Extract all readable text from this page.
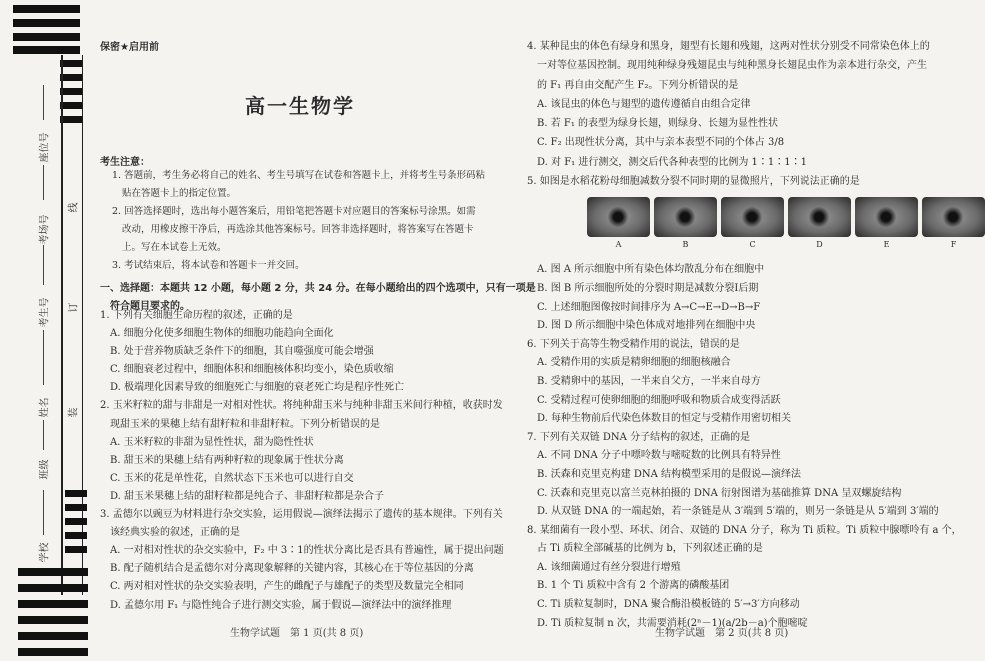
座位号
考场号
考生号
姓名
班级
学校
线
订
装
保密★启用前
高一生物学
考生注意：
1. 答题前，考生务必将自己的姓名、考生号填写在试卷和答题卡上，并将考生号条形码粘
贴在答题卡上的指定位置。
2. 回答选择题时，选出每小题答案后，用铅笔把答题卡对应题目的答案标号涂黑。如需
改动，用橡皮擦干净后，再选涂其他答案标号。回答非选择题时，将答案写在答题卡
上。写在本试卷上无效。
3. 考试结束后，将本试卷和答题卡一并交回。
一、选择题：本题共 12 小题，每小题 2 分，共 24 分。在每小题给出的四个选项中，只有一项是
符合题目要求的。
1. 下列有关细胞生命历程的叙述，正确的是
A. 细胞分化使多细胞生物体的细胞功能趋向全面化
B. 处于营养物质缺乏条件下的细胞，其自噬强度可能会增强
C. 细胞衰老过程中，细胞体积和细胞核体积均变小，染色质收缩
D. 极端理化因素导致的细胞死亡与细胞的衰老死亡均是程序性死亡
2. 玉米籽粒的甜与非甜是一对相对性状。将纯种甜玉米与纯种非甜玉米间行种植，收获时发
现甜玉米的果穗上结有甜籽粒和非甜籽粒。下列分析错误的是
A. 玉米籽粒的非甜为显性性状，甜为隐性性状
B. 甜玉米的果穗上结有两种籽粒的现象属于性状分离
C. 玉米的花是单性花，自然状态下玉米也可以进行自交
D. 甜玉米果穗上结的甜籽粒都是纯合子、非甜籽粒都是杂合子
3. 孟德尔以豌豆为材料进行杂交实验，运用假说—演绎法揭示了遗传的基本规律。下列有关
该经典实验的叙述，正确的是
A. 一对相对性状的杂交实验中，F₂ 中 3∶1的性状分离比是否具有普遍性，属于提出问题
B. 配子随机结合是孟德尔对分离现象解释的关键内容，其核心在于等位基因的分离
C. 两对相对性状的杂交实验表明，产生的雌配子与雄配子的类型及数量完全相同
D. 孟德尔用 F₁ 与隐性纯合子进行测交实验，属于假说—演绎法中的演绎推理
生物学试题　第 1 页(共 8 页)
4. 某种昆虫的体色有绿身和黑身，翅型有长翅和残翅，这两对性状分别受不同常染色体上的
一对等位基因控制。现用纯种绿身残翅昆虫与纯种黑身长翅昆虫作为亲本进行杂交，产生
的 F₁ 再自由交配产生 F₂。下列分析错误的是
A. 该昆虫的体色与翅型的遗传遵循自由组合定律
B. 若 F₁ 的表型为绿身长翅，则绿身、长翅为显性性状
C. F₂ 出现性状分离，其中与亲本表型不同的个体占 3/8
D. 对 F₁ 进行测交，测交后代各种表型的比例为 1∶1∶1∶1
5. 如图是水稻花粉母细胞减数分裂不同时期的显微照片，下列说法正确的是
A	B	C	D	E	F
A. 图 A 所示细胞中所有染色体均散乱分布在细胞中
B. 图 B 所示细胞所处的分裂时期是减数分裂Ⅰ后期
C. 上述细胞图像按时间排序为 A→C→E→D→B→F
D. 图 D 所示细胞中染色体成对地排列在细胞中央
6. 下列关于高等生物受精作用的说法，错误的是
A. 受精作用的实质是精卵细胞的细胞核融合
B. 受精卵中的基因，一半来自父方，一半来自母方
C. 受精过程可使卵细胞的细胞呼吸和物质合成变得活跃
D. 每种生物前后代染色体数目的恒定与受精作用密切相关
7. 下列有关双链 DNA 分子结构的叙述，正确的是
A. 不同 DNA 分子中嘌呤数与嘧啶数的比例具有特异性
B. 沃森和克里克构建 DNA 结构模型采用的是假说—演绎法
C. 沃森和克里克以富兰克林拍摄的 DNA 衍射图谱为基础推算 DNA 呈双螺旋结构
D. 从双链 DNA 的一端起始，若一条链是从 3′端到 5′端的，则另一条链是从 5′端到 3′端的
8. 某细菌有一段小型、环状、闭合、双链的 DNA 分子，称为 Ti 质粒。Ti 质粒中腺嘌呤有 a 个，
占 Ti 质粒全部碱基的比例为 b，下列叙述正确的是
A. 该细菌通过有丝分裂进行增殖
B. 1 个 Ti 质粒中含有 2 个游离的磷酸基团
C. Ti 质粒复制时，DNA 聚合酶沿模板链的 5′→3′方向移动
D. Ti 质粒复制 n 次，共需要消耗(2ⁿ－1)(a/2b－a)个胞嘧啶
生物学试题　第 2 页(共 8 页)
